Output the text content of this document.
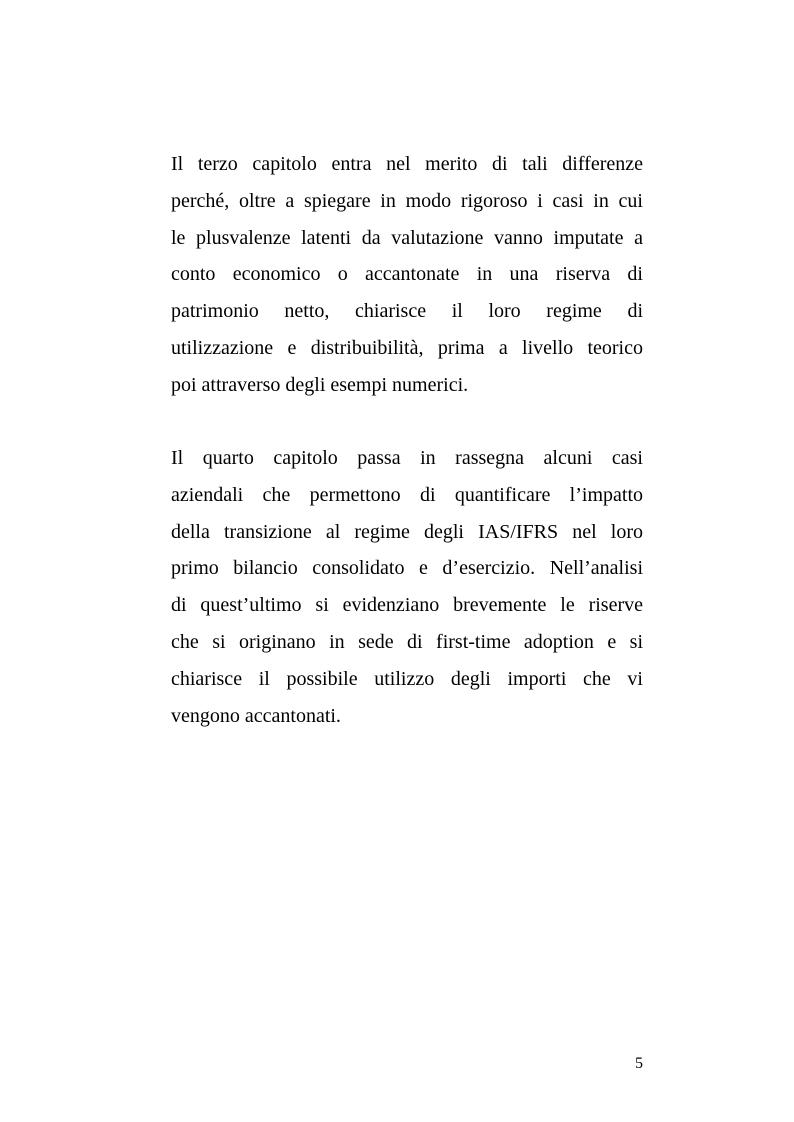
Il terzo capitolo entra nel merito di tali differenze
perché, oltre a spiegare in modo rigoroso i casi in cui
le plusvalenze latenti da valutazione vanno imputate a
conto economico o accantonate in una riserva di
patrimonio netto, chiarisce il loro regime di
utilizzazione e distribuibilità, prima a livello teorico
poi attraverso degli esempi numerici.

Il quarto capitolo passa in rassegna alcuni casi
aziendali che permettono di quantificare l’impatto
della transizione al regime degli IAS/IFRS nel loro
primo bilancio consolidato e d’esercizio. Nell’analisi
di quest’ultimo si evidenziano brevemente le riserve
che si originano in sede di first-time adoption e si
chiarisce il possibile utilizzo degli importi che vi
vengono accantonati.

5
